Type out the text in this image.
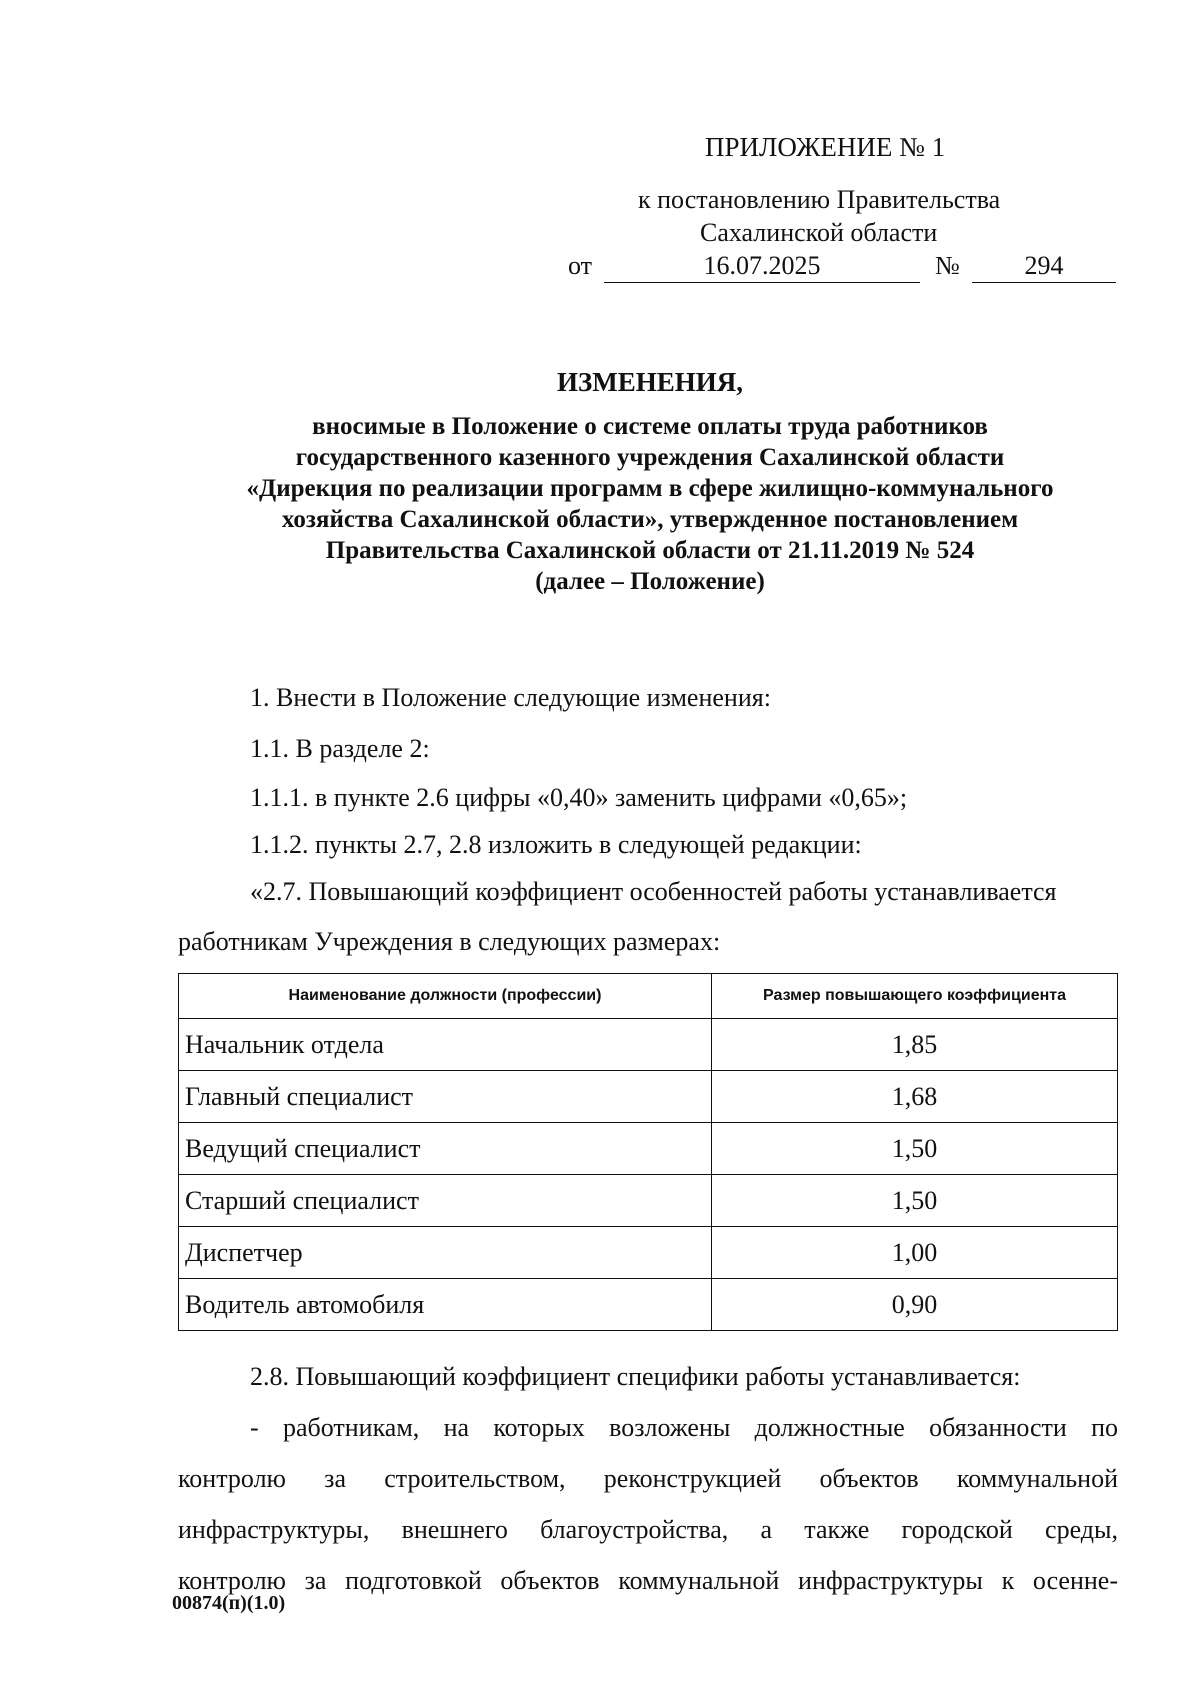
ПРИЛОЖЕНИЕ № 1
к постановлению Правительства
Сахалинской области
от	16.07.2025	№	294
ИЗМЕНЕНИЯ,
вносимые в Положение о системе оплаты труда работников
государственного казенного учреждения Сахалинской области
«Дирекция по реализации программ в сфере жилищно-коммунального
хозяйства Сахалинской области», утвержденное постановлением
Правительства Сахалинской области от 21.11.2019 № 524
(далее – Положение)
1. Внести в Положение следующие изменения:
1.1. В разделе 2:
1.1.1. в пункте 2.6 цифры «0,40» заменить цифрами «0,65»;
1.1.2. пункты 2.7, 2.8 изложить в следующей редакции:
«2.7. Повышающий коэффициент особенностей работы устанавливается
работникам Учреждения в следующих размерах:
Наименование должности (профессии)	Размер повышающего коэффициента
Начальник отдела	1,85
Главный специалист	1,68
Ведущий специалист	1,50
Старший специалист	1,50
Диспетчер	1,00
Водитель автомобиля	0,90
2.8. Повышающий коэффициент специфики работы устанавливается:
- работникам, на которых возложены должностные обязанности по
контролю за строительством, реконструкцией объектов коммунальной
инфраструктуры, внешнего благоустройства, а также городской среды,
контролю за подготовкой объектов коммунальной инфраструктуры к осенне-
00874(п)(1.0)
